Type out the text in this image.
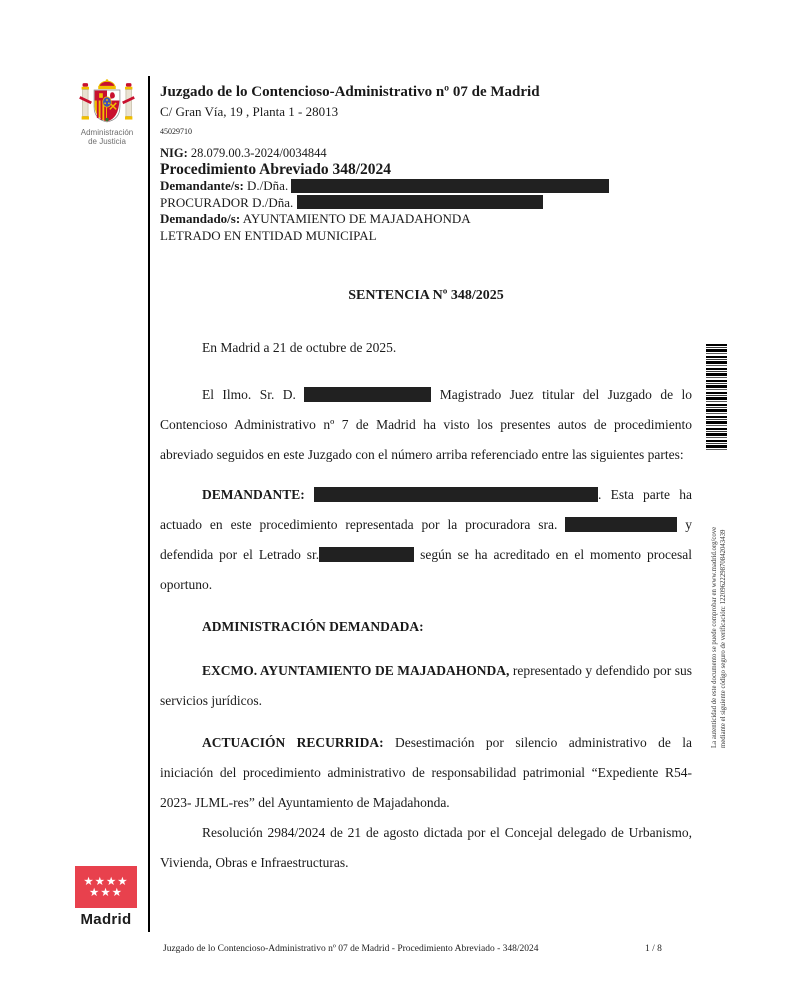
Administración
de Justicia
Juzgado de lo Contencioso-Administrativo nº 07 de Madrid
C/ Gran Vía, 19 , Planta 1 - 28013
45029710
NIG: 28.079.00.3-2024/0034844
Procedimiento Abreviado 348/2024
Demandante/s: D./Dña.
PROCURADOR D./Dña.
Demandado/s: AYUNTAMIENTO DE MAJADAHONDA
LETRADO EN ENTIDAD MUNICIPAL
SENTENCIA Nº 348/2025
En Madrid a 21 de octubre de 2025.
El Ilmo. Sr. D.	Magistrado Juez titular del Juzgado de lo Contencioso Administrativo nº 7 de Madrid ha visto los presentes autos de procedimiento abreviado seguidos en este Juzgado con el número arriba referenciado entre las siguientes partes:
DEMANDANTE:	. Esta parte ha actuado en este procedimiento representada por la procuradora sra.	y defendida por el Letrado sr.	según se ha acreditado en el momento procesal oportuno.
ADMINISTRACIÓN DEMANDADA:
EXCMO. AYUNTAMIENTO DE MAJADAHONDA, representado y defendido por sus servicios jurídicos.
ACTUACIÓN RECURRIDA: Desestimación por silencio administrativo de la iniciación del procedimiento administrativo de responsabilidad patrimonial “Expediente R54-2023- JLML-res” del Ayuntamiento de Majadahonda.
Resolución 2984/2024 de 21 de agosto dictada por el Concejal delegado de Urbanismo, Vivienda, Obras e Infraestructuras.
La autenticidad de este documento se puede comprobar en www.madrid.org/cove mediante el siguiente código seguro de verificación: 1220962229870842043439
★★★★
★★★
Madrid
Juzgado de lo Contencioso-Administrativo nº 07 de Madrid - Procedimiento Abreviado - 348/2024	1 / 8
